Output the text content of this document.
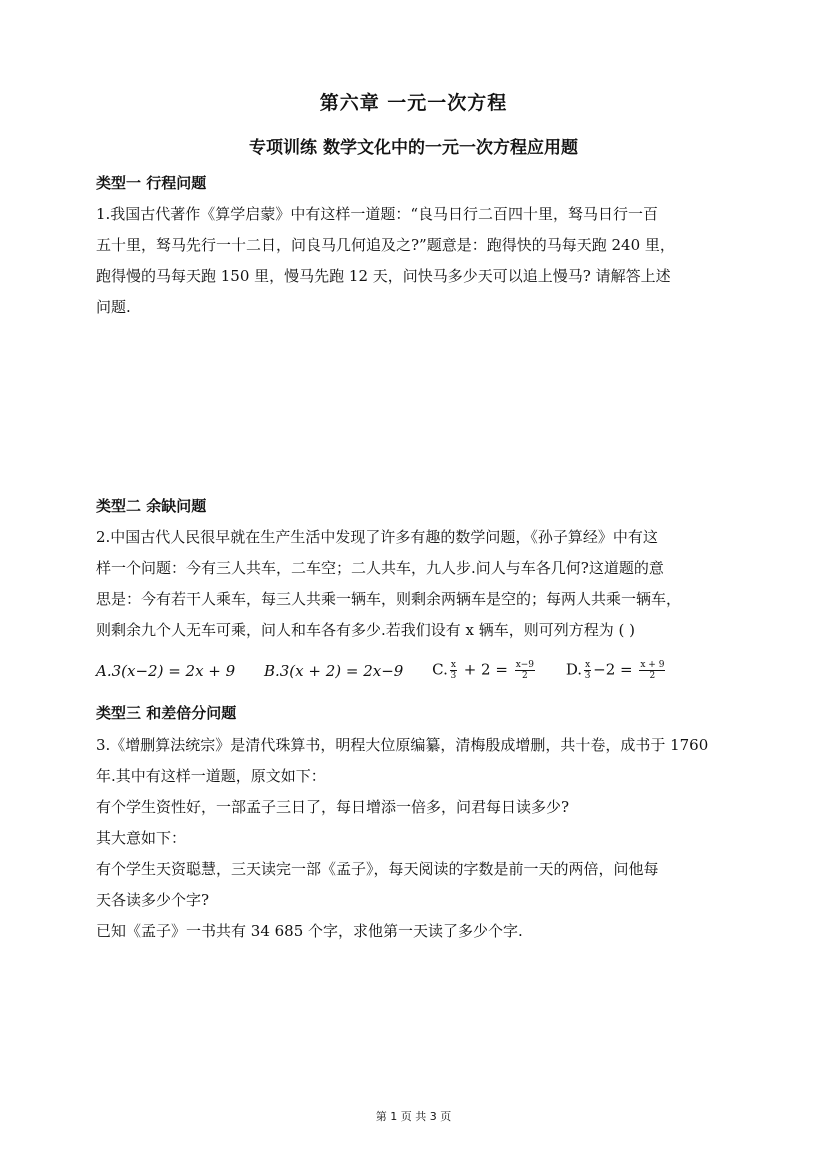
第六章 一元一次方程
专项训练 数学文化中的一元一次方程应用题
类型一 行程问题
1.我国古代著作《算学启蒙》中有这样一道题：“良马日行二百四十里，驽马日行一百
五十里，驽马先行一十二日，问良马几何追及之?”题意是：跑得快的马每天跑 240 里，
跑得慢的马每天跑 150 里，慢马先跑 12 天，问快马多少天可以追上慢马? 请解答上述
问题.
类型二 余缺问题
2.中国古代人民很早就在生产生活中发现了许多有趣的数学问题，《孙子算经》中有这
样一个问题：今有三人共车，二车空；二人共车，九人步.问人与车各几何?这道题的意
思是：今有若干人乘车，每三人共乘一辆车，则剩余两辆车是空的；每两人共乘一辆车，
则剩余九个人无车可乘，问人和车各有多少.若我们设有 x 辆车，则可列方程为 ( )
A.3(x−2) = 2x + 9 B.3(x + 2) = 2x−9 C. $\frac{x}{3} + 2 = \frac{x-9}{2} D$. $\frac{x}{3} -2 = \frac{x + 9}{2}$
类型三 和差倍分问题
3.《增删算法统宗》是清代珠算书，明程大位原编纂，清梅殷成增删，共十卷，成书于 1760
年.其中有这样一道题，原文如下：
有个学生资性好，一部孟子三日了，每日增添一倍多，问君每日读多少?
其大意如下：
有个学生天资聪慧，三天读完一部《孟子》，每天阅读的字数是前一天的两倍，问他每
天各读多少个字?
已知《孟子》一书共有 34 685 个字，求他第一天读了多少个字.
第 1 页 共 3 页
